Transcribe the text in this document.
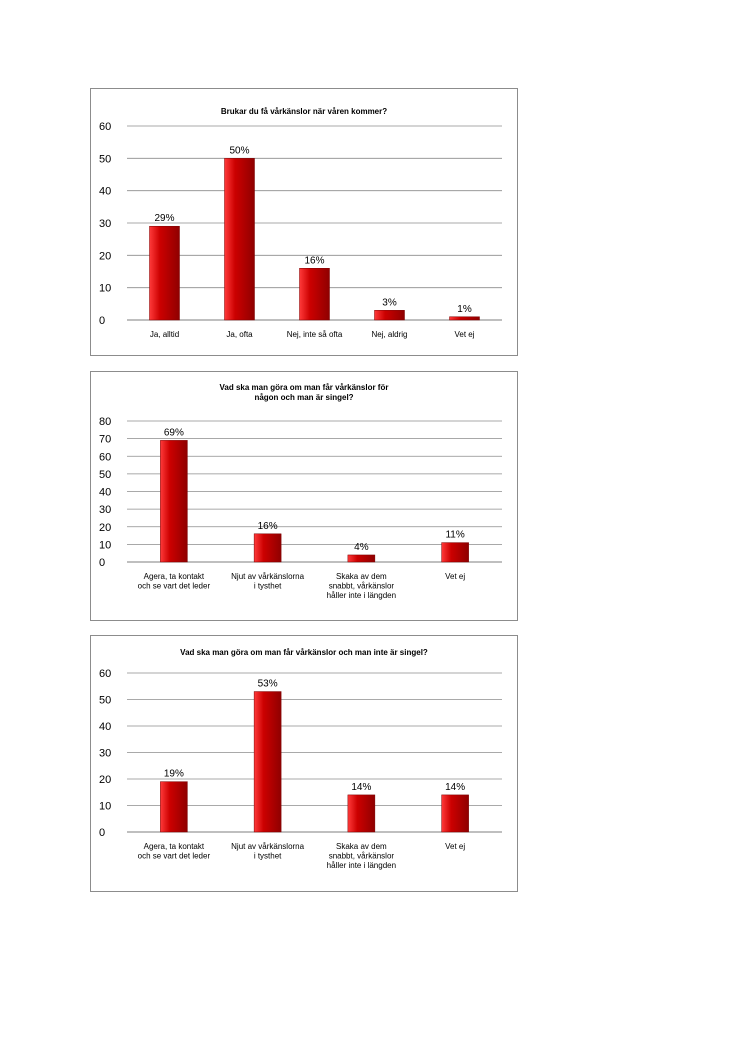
Brukar du få vårkänslor när våren kommer?
0
10
20
30
40
50
60
29%
Ja, alltid
50%
Ja, ofta
16%
Nej, inte så ofta
3%
Nej, aldrig
1%
Vet ej
Vad ska man göra om man får vårkänslor för någon och man är singel?
0
10
20
30
40
50
60
70
80
69%
Agera, ta kontakt och se vart det leder
16%
Njut av vårkänslorna i tysthet
4%
Skaka av dem snabbt, vårkänslor håller inte i längden
11%
Vet ej
Vad ska man göra om man får vårkänslor och man inte är singel?
0
10
20
30
40
50
60
19%
Agera, ta kontakt och se vart det leder
53%
Njut av vårkänslorna i tysthet
14%
Skaka av dem snabbt, vårkänslor håller inte i längden
14%
Vet ej
